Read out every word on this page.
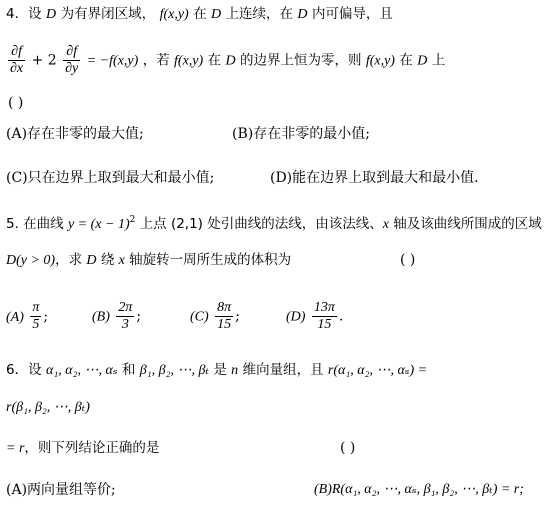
4．设 D 为有界闭区域， f(x,y) 在 D 上连续，在 D 内可偏导，且
$\frac{\partial f}{\partial x} + 2 \frac{\partial f}{\partial y} = -f(x,y)$ ，若 f(x,y) 在 D 的边界上恒为零，则 f(x,y) 在 D 上
( )
(A)存在非零的最大值;	(B)存在非零的最小值;
(C)只在边界上取到最大和最小值;	(D)能在边界上取到最大和最小值.
5. 在曲线 $y = (x - 1)^2$ 上点 (2,1) 处引曲线的法线，由该法线、x 轴及该曲线所围成的区域
D(y > 0)，求 D 绕 x 轴旋转一周所生成的体积为	( )
$(A) \frac{\pi}{5}$ ;	$(B) \frac{2\pi}{3}$ ;	$(C) \frac{8\pi}{15}$ ;	$(D) \frac{13\pi}{15}$ .
6．设 α₁, α₂, ⋯, αₛ 和 β₁, β₂, ⋯, βₜ 是 n 维向量组，且 r(α₁, α₂, ⋯, αₛ) =
r(β₁, β₂, ⋯, βₜ)
= r，则下列结论正确的是	( )
(A)两向量组等价;	(B)R(α₁, α₂, ⋯, αₛ, β₁, β₂, ⋯, βₜ) = r;
